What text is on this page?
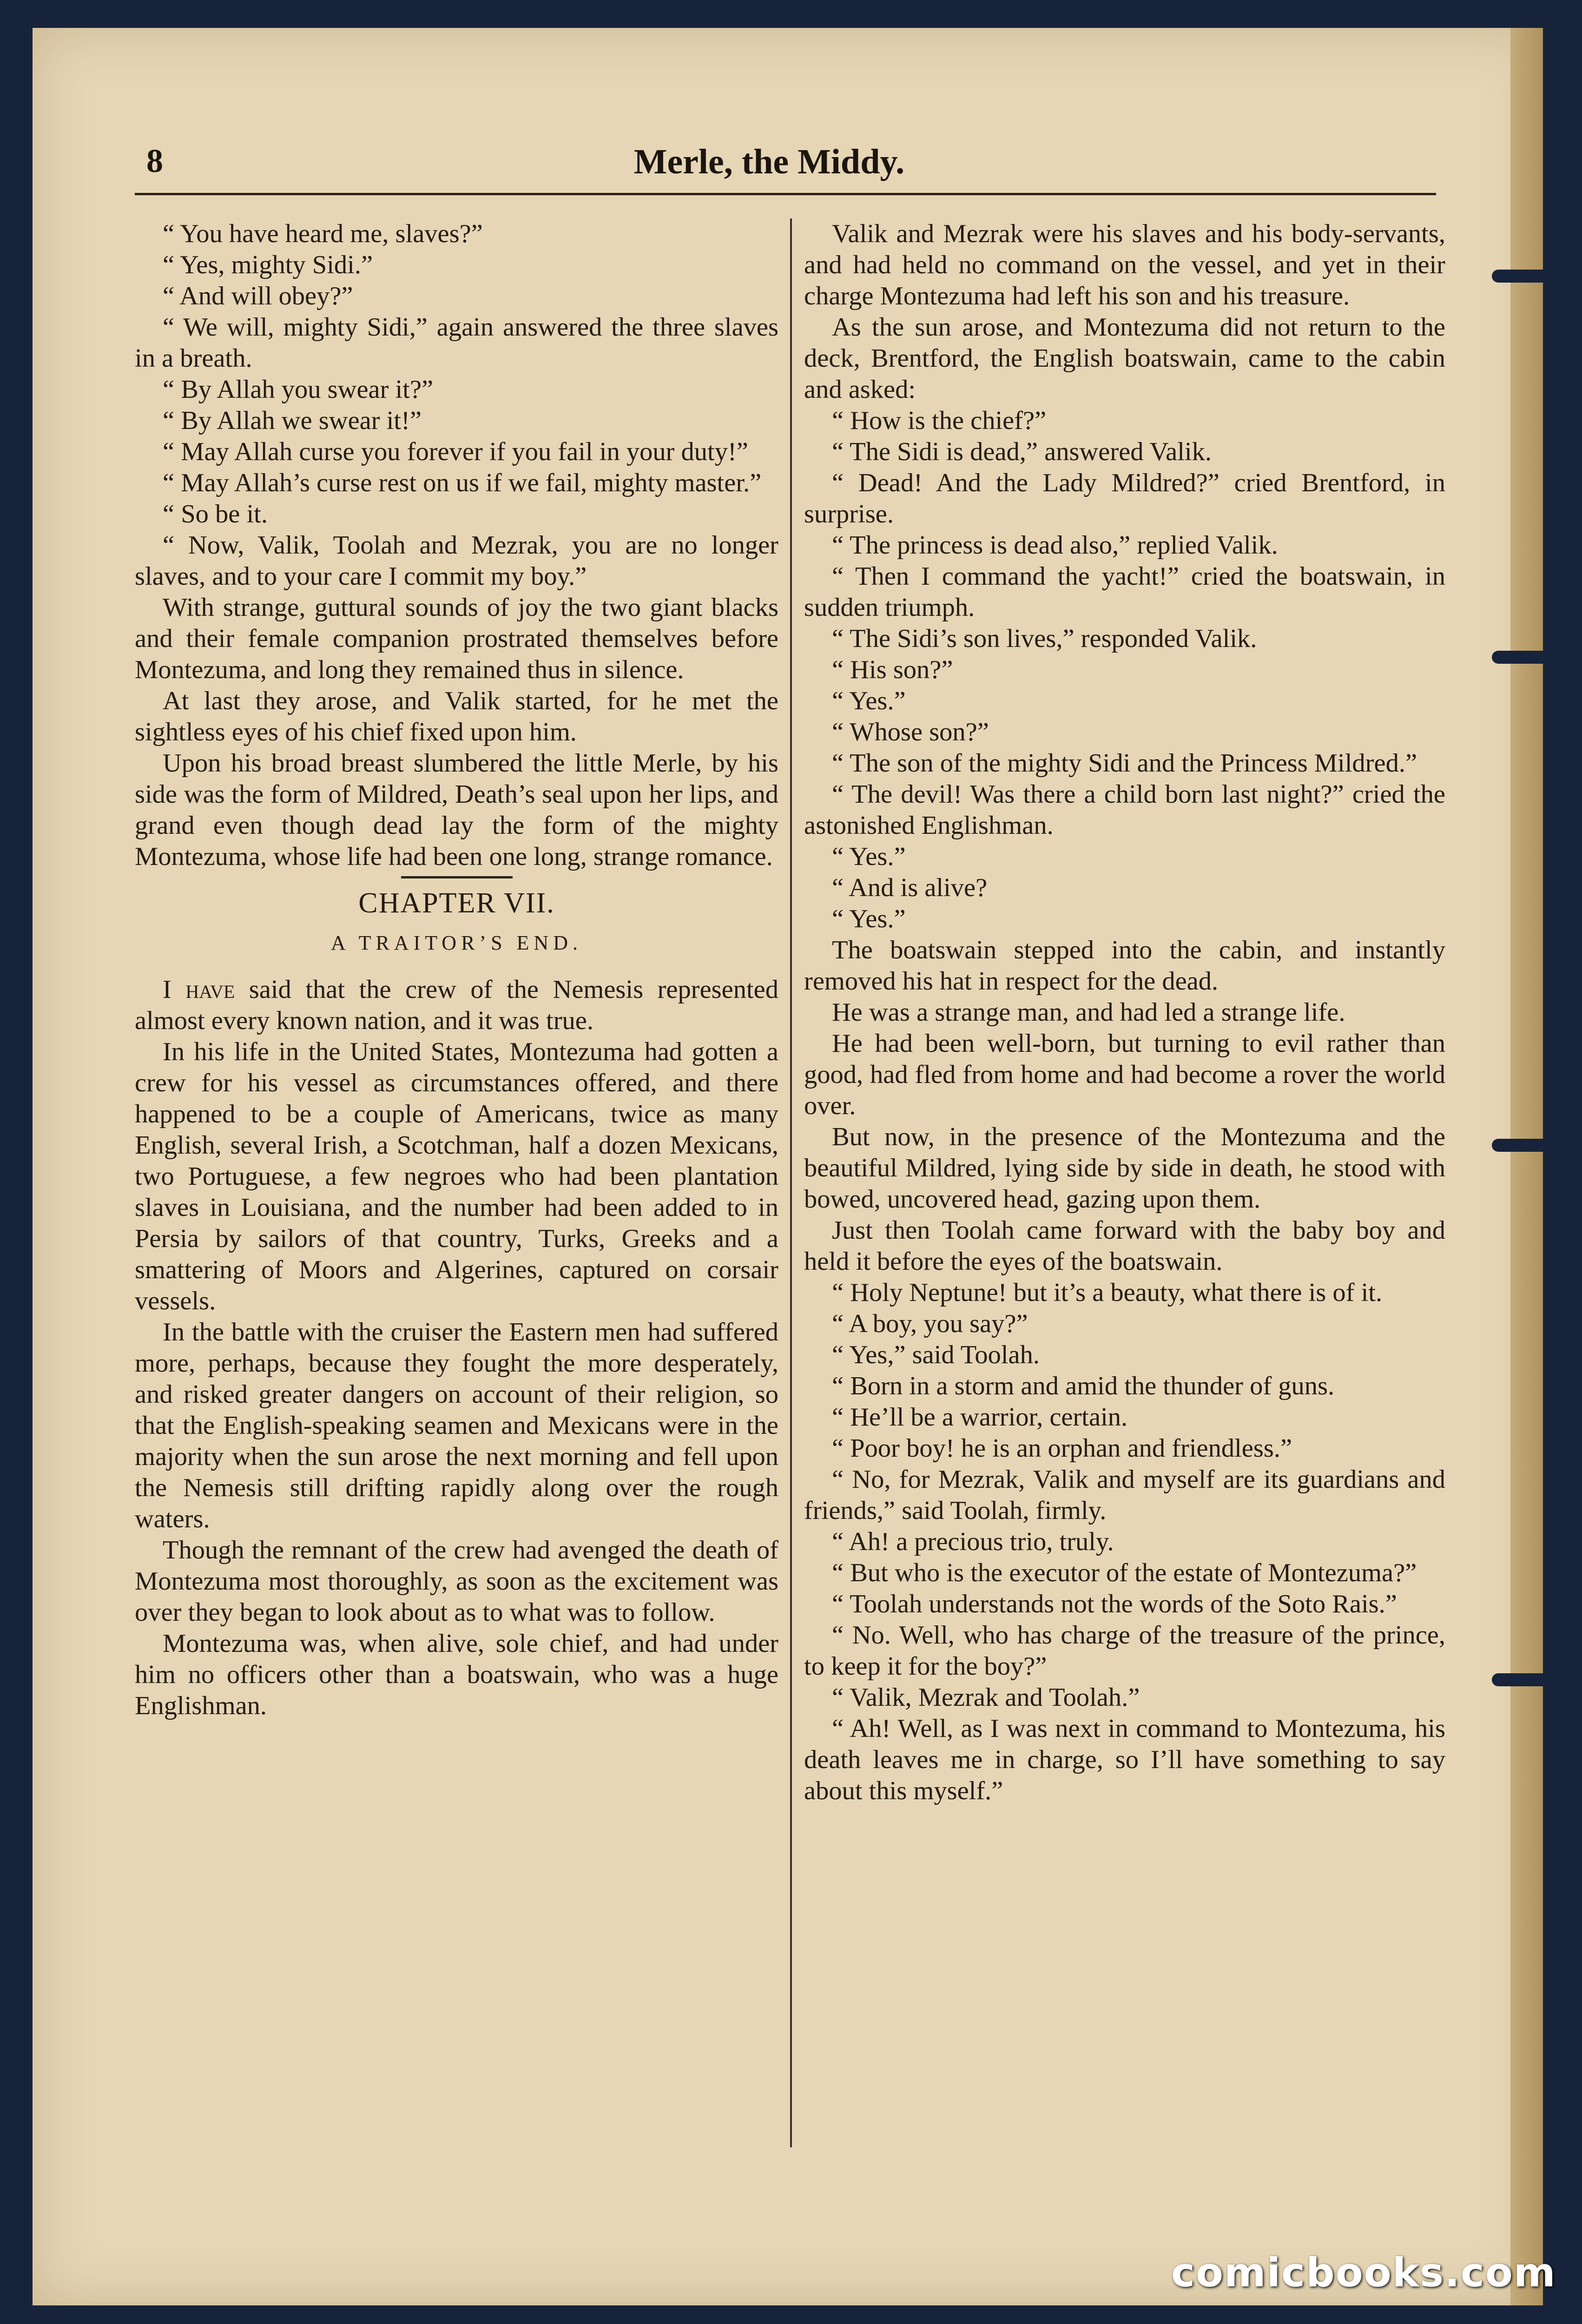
8	Merle, the Middy.

“ You have heard me, slaves?”

“ Yes, mighty Sidi.”

“ And will obey?”

“ We will, mighty Sidi,” again answered the three slaves in a breath.

“ By Allah you swear it?”

“ By Allah we swear it!”

“ May Allah curse you forever if you fail in your duty!”

“ May Allah’s curse rest on us if we fail, mighty master.”

“ So be it.

“ Now, Valik, Toolah and Mezrak, you are no longer slaves, and to your care I commit my boy.”

With strange, guttural sounds of joy the two giant blacks and their female companion prostrated themselves before Montezuma, and long they remained thus in silence.

At last they arose, and Valik started, for he met the sightless eyes of his chief fixed upon him.

Upon his broad breast slumbered the little Merle, by his side was the form of Mildred, Death’s seal upon her lips, and grand even though dead lay the form of the mighty Montezuma, whose life had been one long, strange romance.

CHAPTER VII.
A TRAITOR’S END.

I have said that the crew of the Nemesis represented almost every known nation, and it was true.

In his life in the United States, Montezuma had gotten a crew for his vessel as circumstances offered, and there happened to be a couple of Americans, twice as many English, several Irish, a Scotchman, half a dozen Mexicans, two Portuguese, a few negroes who had been plantation slaves in Louisiana, and the number had been added to in Persia by sailors of that country, Turks, Greeks and a smattering of Moors and Algerines, captured on corsair vessels.

In the battle with the cruiser the Eastern men had suffered more, perhaps, because they fought the more desperately, and risked greater dangers on account of their religion, so that the English-speaking seamen and Mexicans were in the majority when the sun arose the next morning and fell upon the Nemesis still drifting rapidly along over the rough waters.

Though the remnant of the crew had avenged the death of Montezuma most thoroughly, as soon as the excitement was over they began to look about as to what was to follow.

Montezuma was, when alive, sole chief, and had under him no officers other than a boatswain, who was a huge Englishman.

Valik and Mezrak were his slaves and his body-servants, and had held no command on the vessel, and yet in their charge Montezuma had left his son and his treasure.

As the sun arose, and Montezuma did not return to the deck, Brentford, the English boatswain, came to the cabin and asked:

“ How is the chief?”

“ The Sidi is dead,” answered Valik.

“ Dead! And the Lady Mildred?” cried Brentford, in surprise.

“ The princess is dead also,” replied Valik.

“ Then I command the yacht!” cried the boatswain, in sudden triumph.

“ The Sidi’s son lives,” responded Valik.

“ His son?”

“ Yes.”

“ Whose son?”

“ The son of the mighty Sidi and the Princess Mildred.”

“ The devil! Was there a child born last night?” cried the astonished Englishman.

“ Yes.”

“ And is alive?

“ Yes.”

The boatswain stepped into the cabin, and instantly removed his hat in respect for the dead.

He was a strange man, and had led a strange life.

He had been well-born, but turning to evil rather than good, had fled from home and had become a rover the world over.

But now, in the presence of the Montezuma and the beautiful Mildred, lying side by side in death, he stood with bowed, uncovered head, gazing upon them.

Just then Toolah came forward with the baby boy and held it before the eyes of the boatswain.

“ Holy Neptune! but it’s a beauty, what there is of it.

“ A boy, you say?”

“ Yes,” said Toolah.

“ Born in a storm and amid the thunder of guns.

“ He’ll be a warrior, certain.

“ Poor boy! he is an orphan and friendless.”

“ No, for Mezrak, Valik and myself are its guardians and friends,” said Toolah, firmly.

“ Ah! a precious trio, truly.

“ But who is the executor of the estate of Montezuma?”

“ Toolah understands not the words of the Soto Rais.”

“ No. Well, who has charge of the treasure of the prince, to keep it for the boy?”

“ Valik, Mezrak and Toolah.”

“ Ah! Well, as I was next in command to Montezuma, his death leaves me in charge, so I’ll have something to say about this myself.”

comicbooks.com
